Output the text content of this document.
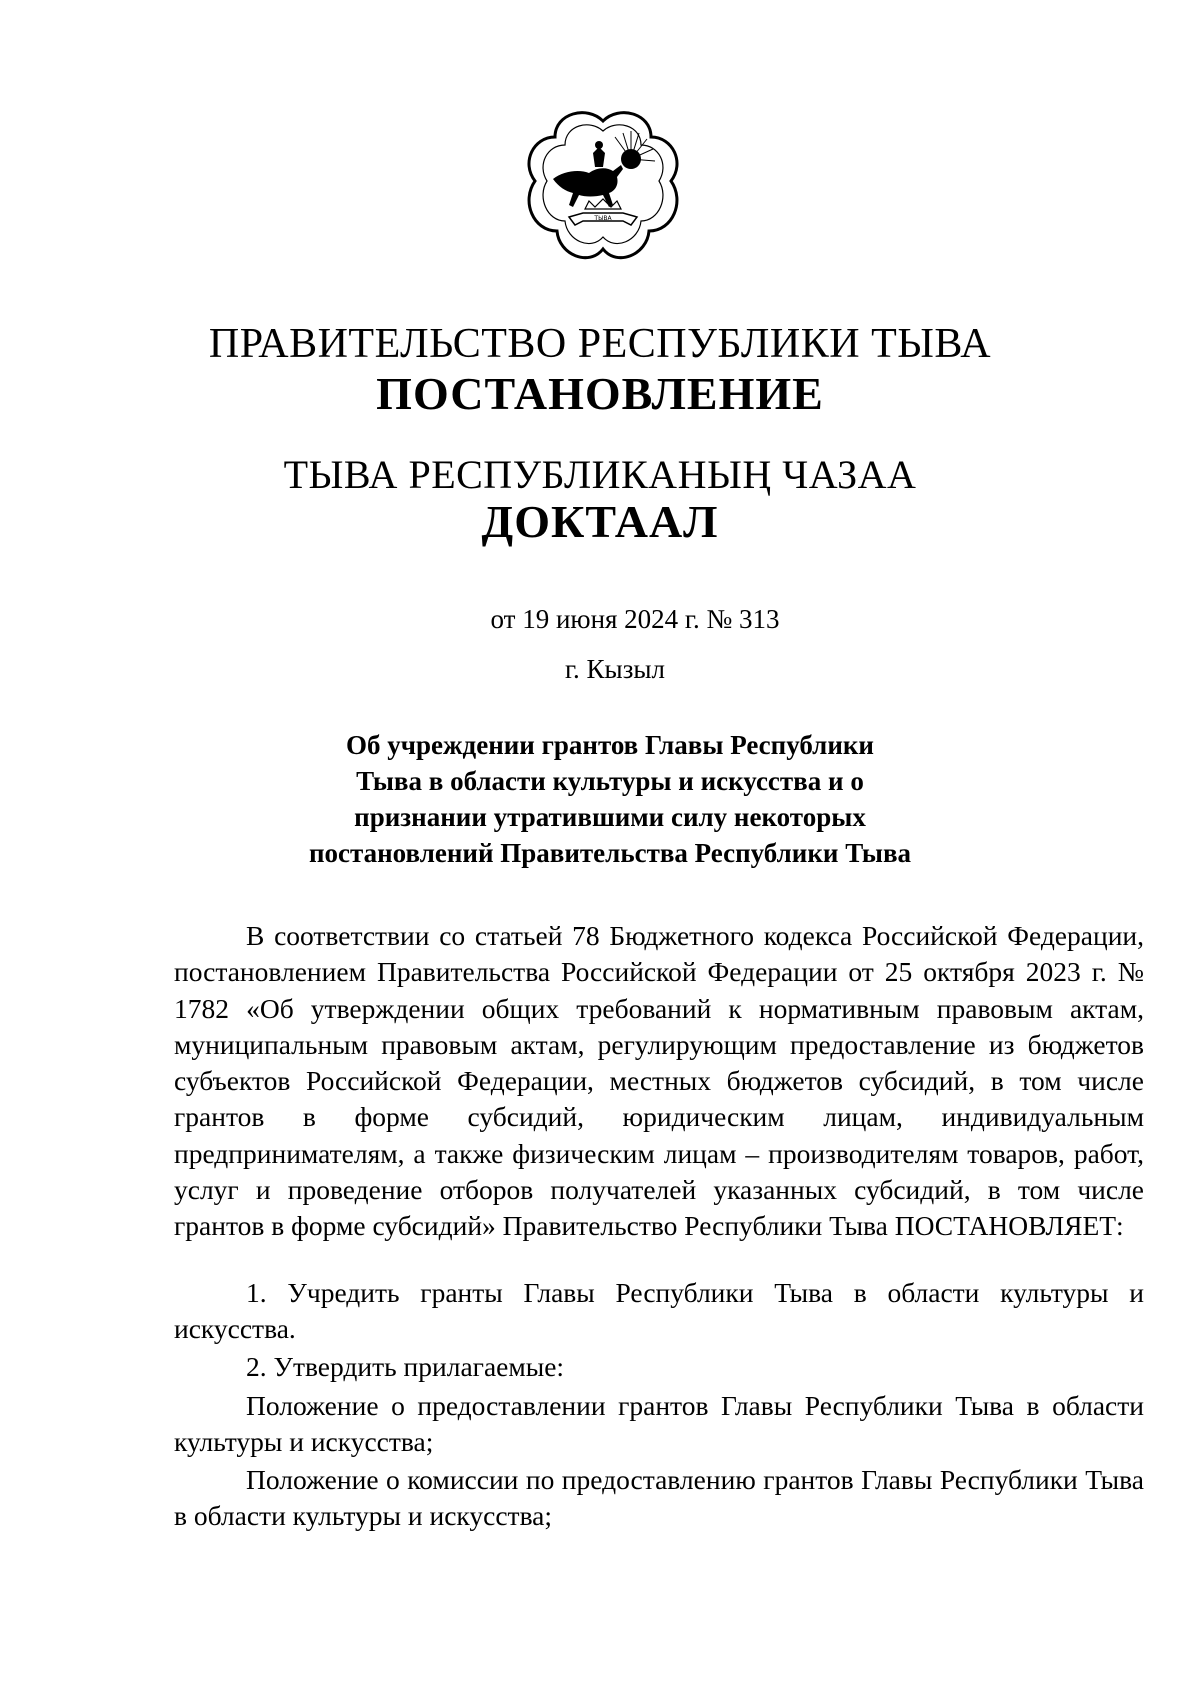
ТЫВА
ПРАВИТЕЛЬСТВО РЕСПУБЛИКИ ТЫВА
ПОСТАНОВЛЕНИЕ
ТЫВА РЕСПУБЛИКАНЫҢ ЧАЗАА
ДОКТААЛ
от 19 июня 2024 г. № 313
г. Кызыл
Об учреждении грантов Главы Республики
Тыва в области культуры и искусства и о
признании утратившими силу некоторых
постановлений Правительства Республики Тыва

В соответствии со статьей 78 Бюджетного кодекса Российской Федерации, постановлением Правительства Российской Федерации от 25 октября 2023 г. № 1782 «Об утверждении общих требований к нормативным правовым актам, муниципальным правовым актам, регулирующим предоставление из бюджетов субъектов Российской Федерации, местных бюджетов субсидий, в том числе грантов в форме субсидий, юридическим лицам, индивидуальным предпринимателям, а также физическим лицам – производителям товаров, работ, услуг и проведение отборов получателей указанных субсидий, в том числе грантов в форме субсидий» Правительство Республики Тыва ПОСТАНОВЛЯЕТ:

1. Учредить гранты Главы Республики Тыва в области культуры и искусства.

2. Утвердить прилагаемые:

Положение о предоставлении грантов Главы Республики Тыва в области культуры и искусства;

Положение о комиссии по предоставлению грантов Главы Республики Тыва в области культуры и искусства;
